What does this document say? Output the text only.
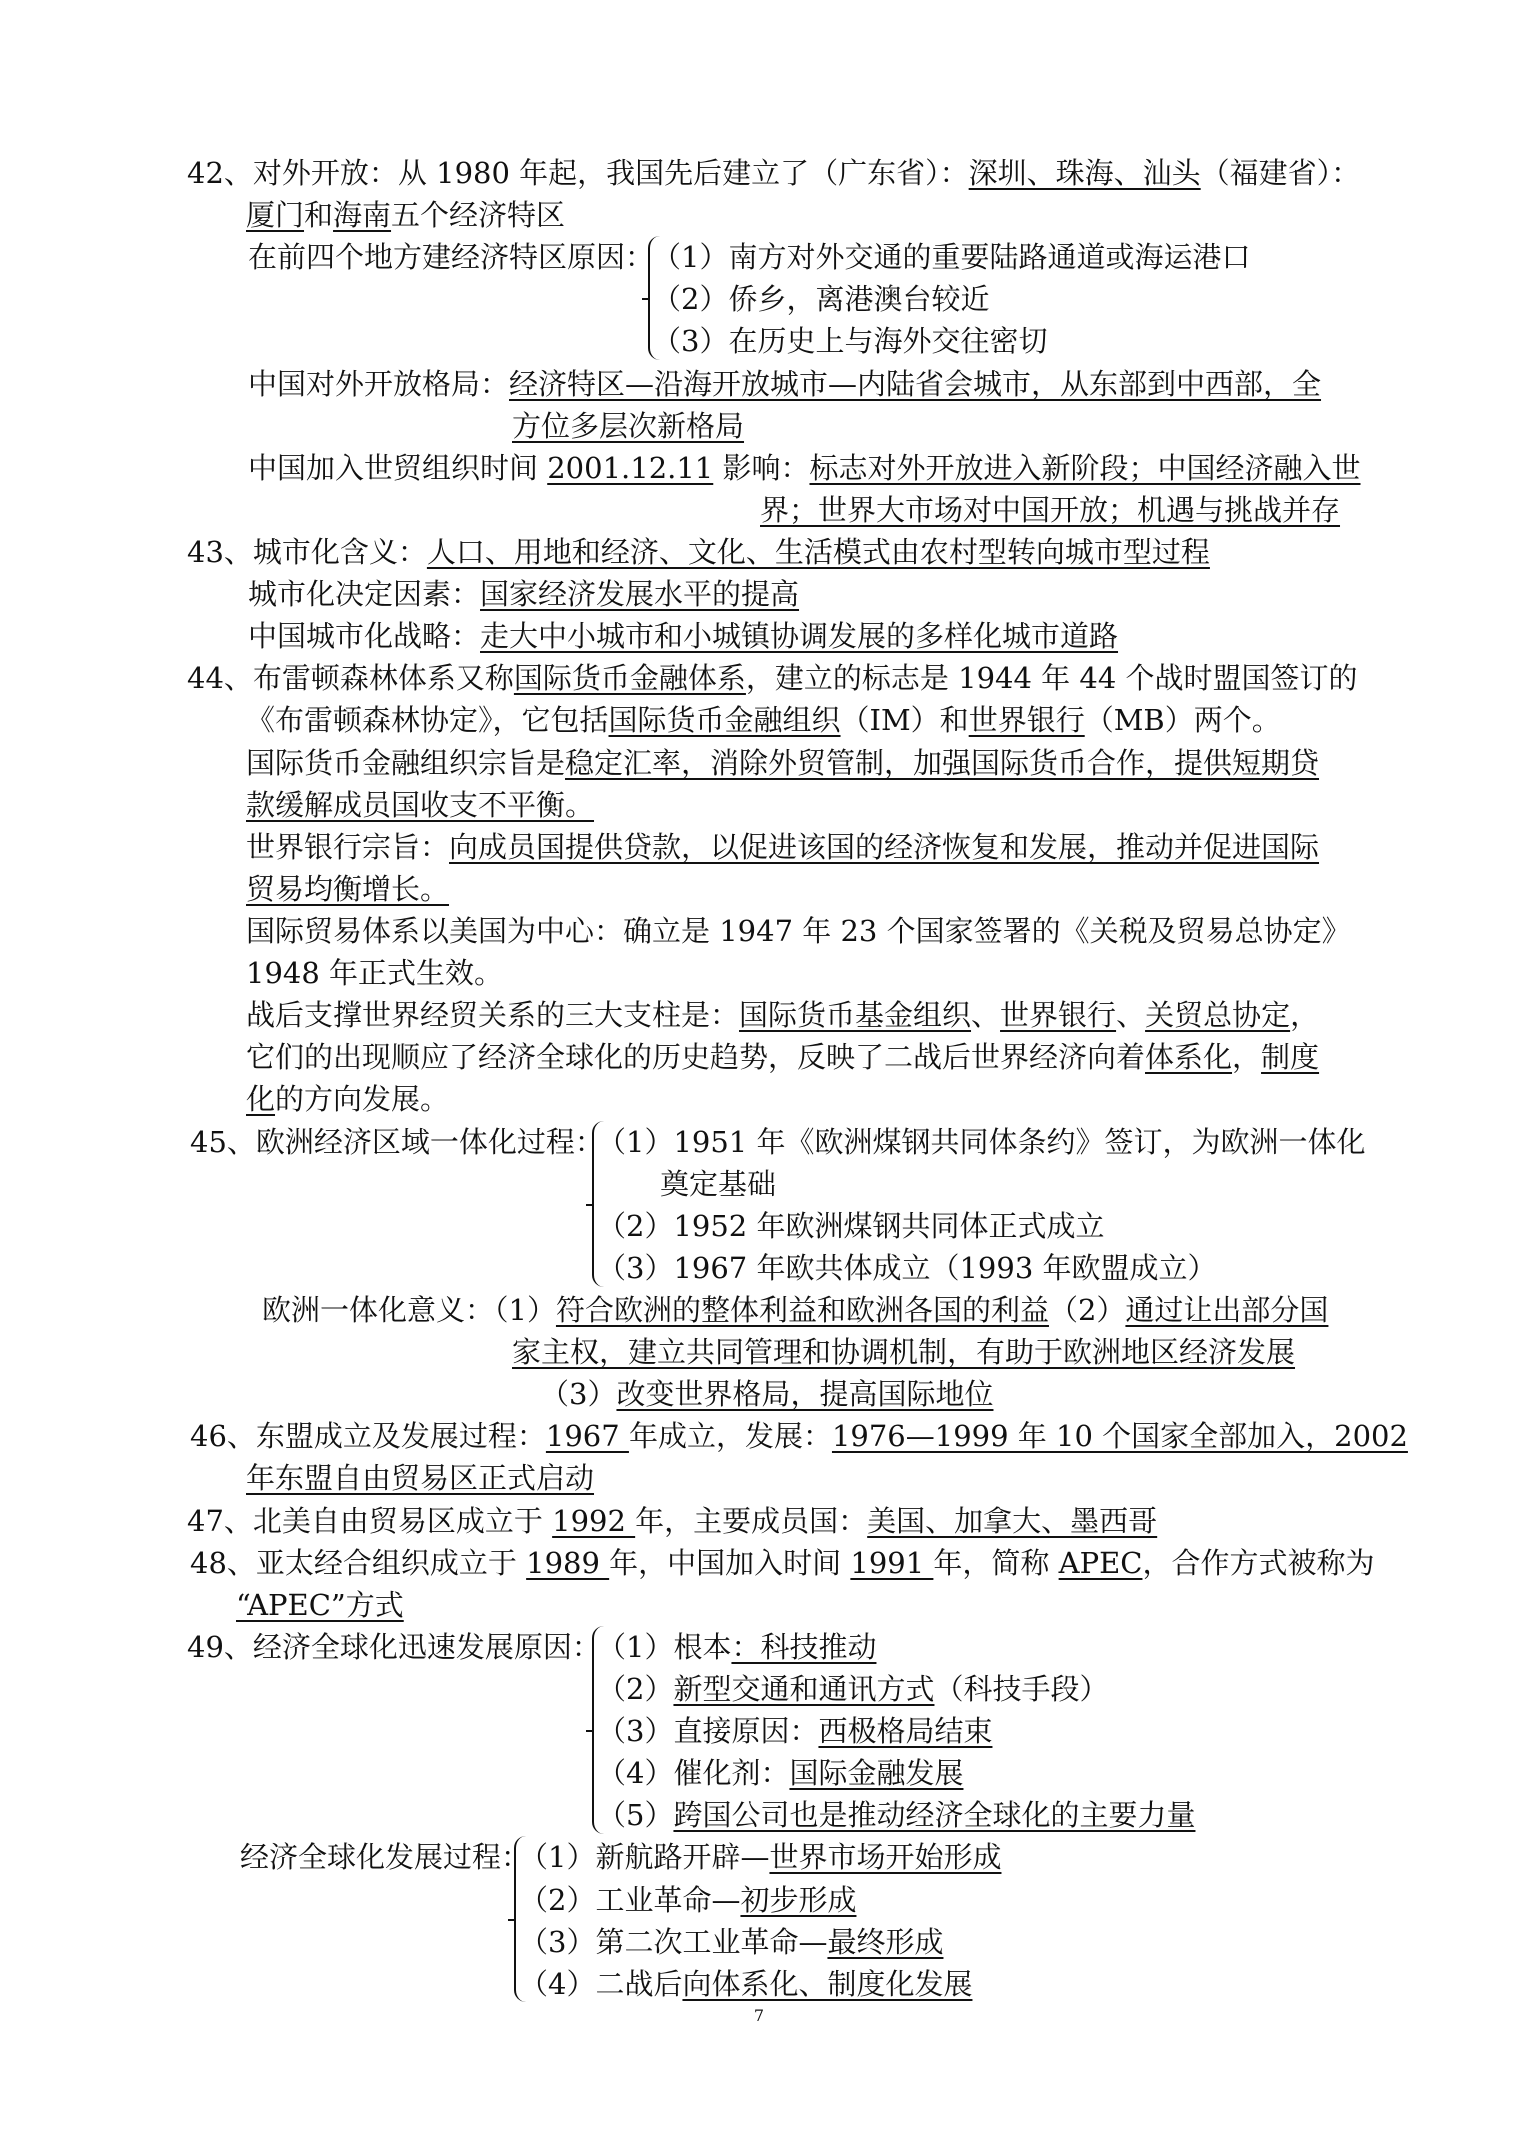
7
42、对外开放：从 1980 年起，我国先后建立了（广东省）：深圳、珠海、汕头（福建省）：
厦门和海南五个经济特区
在前四个地方建经济特区原因：
（1）南方对外交通的重要陆路通道或海运港口
（2）侨乡，离港澳台较近
（3）在历史上与海外交往密切
中国对外开放格局：经济特区—沿海开放城市—内陆省会城市，从东部到中西部，全
方位多层次新格局
中国加入世贸组织时间 2001.12.11 影响：标志对外开放进入新阶段；中国经济融入世
界；世界大市场对中国开放；机遇与挑战并存
43、城市化含义：人口、用地和经济、文化、生活模式由农村型转向城市型过程
城市化决定因素：国家经济发展水平的提高
中国城市化战略：走大中小城市和小城镇协调发展的多样化城市道路
44、布雷顿森林体系又称国际货币金融体系，建立的标志是 1944 年 44 个战时盟国签订的
《布雷顿森林协定》，它包括国际货币金融组织（IM）和世界银行（MB）两个。
国际货币金融组织宗旨是稳定汇率，消除外贸管制，加强国际货币合作，提供短期贷
款缓解成员国收支不平衡。
世界银行宗旨：向成员国提供贷款，以促进该国的经济恢复和发展，推动并促进国际
贸易均衡增长。
国际贸易体系以美国为中心：确立是 1947 年 23 个国家签署的《关税及贸易总协定》
1948 年正式生效。
战后支撑世界经贸关系的三大支柱是：国际货币基金组织、世界银行、关贸总协定，
它们的出现顺应了经济全球化的历史趋势，反映了二战后世界经济向着体系化，制度
化的方向发展。
45、欧洲经济区域一体化过程：
（1）1951 年《欧洲煤钢共同体条约》签订，为欧洲一体化
奠定基础
（2）1952 年欧洲煤钢共同体正式成立
（3）1967 年欧共体成立（1993 年欧盟成立）
欧洲一体化意义：（1）符合欧洲的整体利益和欧洲各国的利益（2）通过让出部分国
家主权，建立共同管理和协调机制，有助于欧洲地区经济发展
（3）改变世界格局，提高国际地位
46、东盟成立及发展过程：1967 年成立，发展：1976—1999 年 10 个国家全部加入，2002
年东盟自由贸易区正式启动
47、北美自由贸易区成立于 1992 年，主要成员国：美国、加拿大、墨西哥
48、亚太经合组织成立于 1989 年，中国加入时间 1991 年，简称 APEC，合作方式被称为
“APEC”方式
49、经济全球化迅速发展原因：
（1）根本：科技推动
（2）新型交通和通讯方式（科技手段）
（3）直接原因：西极格局结束
（4）催化剂：国际金融发展
（5）跨国公司也是推动经济全球化的主要力量
经济全球化发展过程：
（1）新航路开辟—世界市场开始形成
（2）工业革命—初步形成
（3）第二次工业革命—最终形成
（4）二战后向体系化、制度化发展
